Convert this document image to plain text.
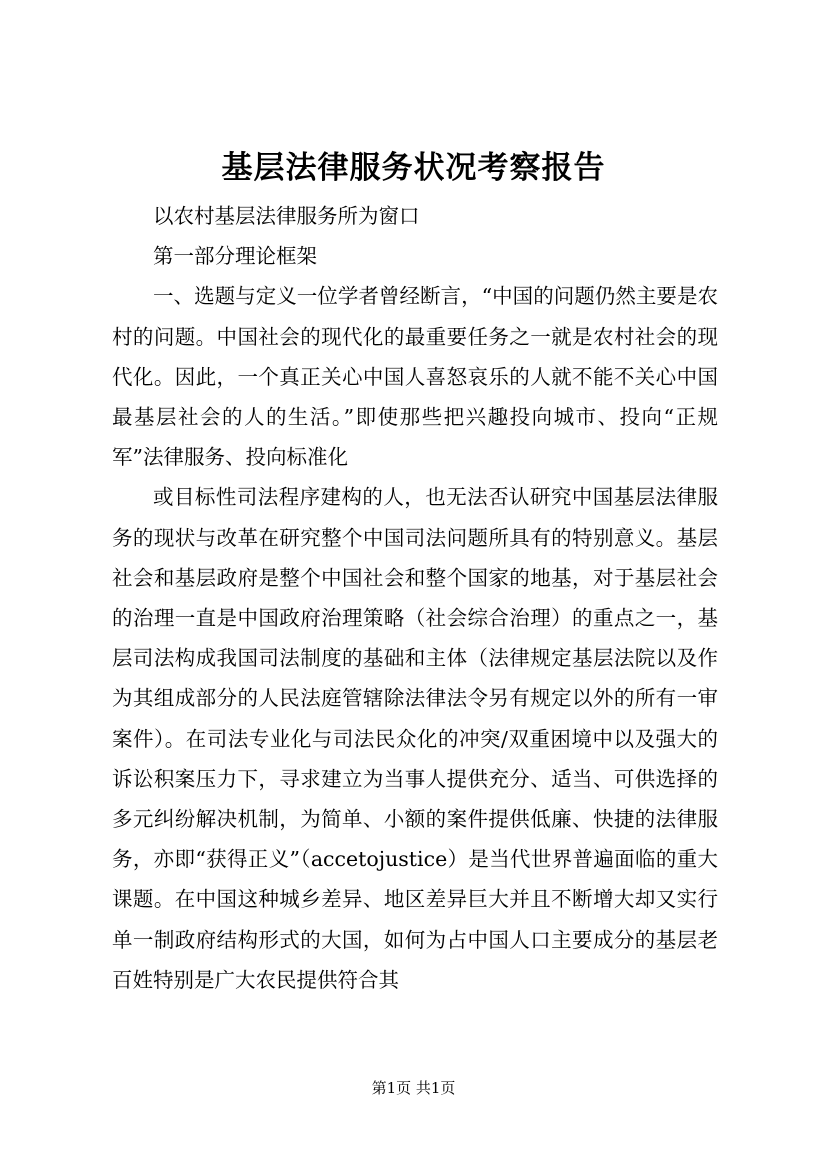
基层法律服务状况考察报告

以农村基层法律服务所为窗口

第一部分理论框架

一、选题与定义一位学者曾经断言，“中国的问题仍然主要是农村的问题。中国社会的现代化的最重要任务之一就是农村社会的现代化。因此，一个真正关心中国人喜怒哀乐的人就不能不关心中国最基层社会的人的生活。”即使那些把兴趣投向城市、投向“正规军”法律服务、投向标准化

或目标性司法程序建构的人，也无法否认研究中国基层法律服务的现状与改革在研究整个中国司法问题所具有的特别意义。基层社会和基层政府是整个中国社会和整个国家的地基，对于基层社会的治理一直是中国政府治理策略（社会综合治理）的重点之一，基层司法构成我国司法制度的基础和主体（法律规定基层法院以及作为其组成部分的人民法庭管辖除法律法令另有规定以外的所有一审案件）。在司法专业化与司法民众化的冲突/双重困境中以及强大的诉讼积案压力下，寻求建立为当事人提供充分、适当、可供选择的多元纠纷解决机制，为简单、小额的案件提供低廉、快捷的法律服务，亦即“获得正义”（accetojustice）是当代世界普遍面临的重大课题。在中国这种城乡差异、地区差异巨大并且不断增大却又实行单一制政府结构形式的大国，如何为占中国人口主要成分的基层老百姓特别是广大农民提供符合其

第1页 共1页
